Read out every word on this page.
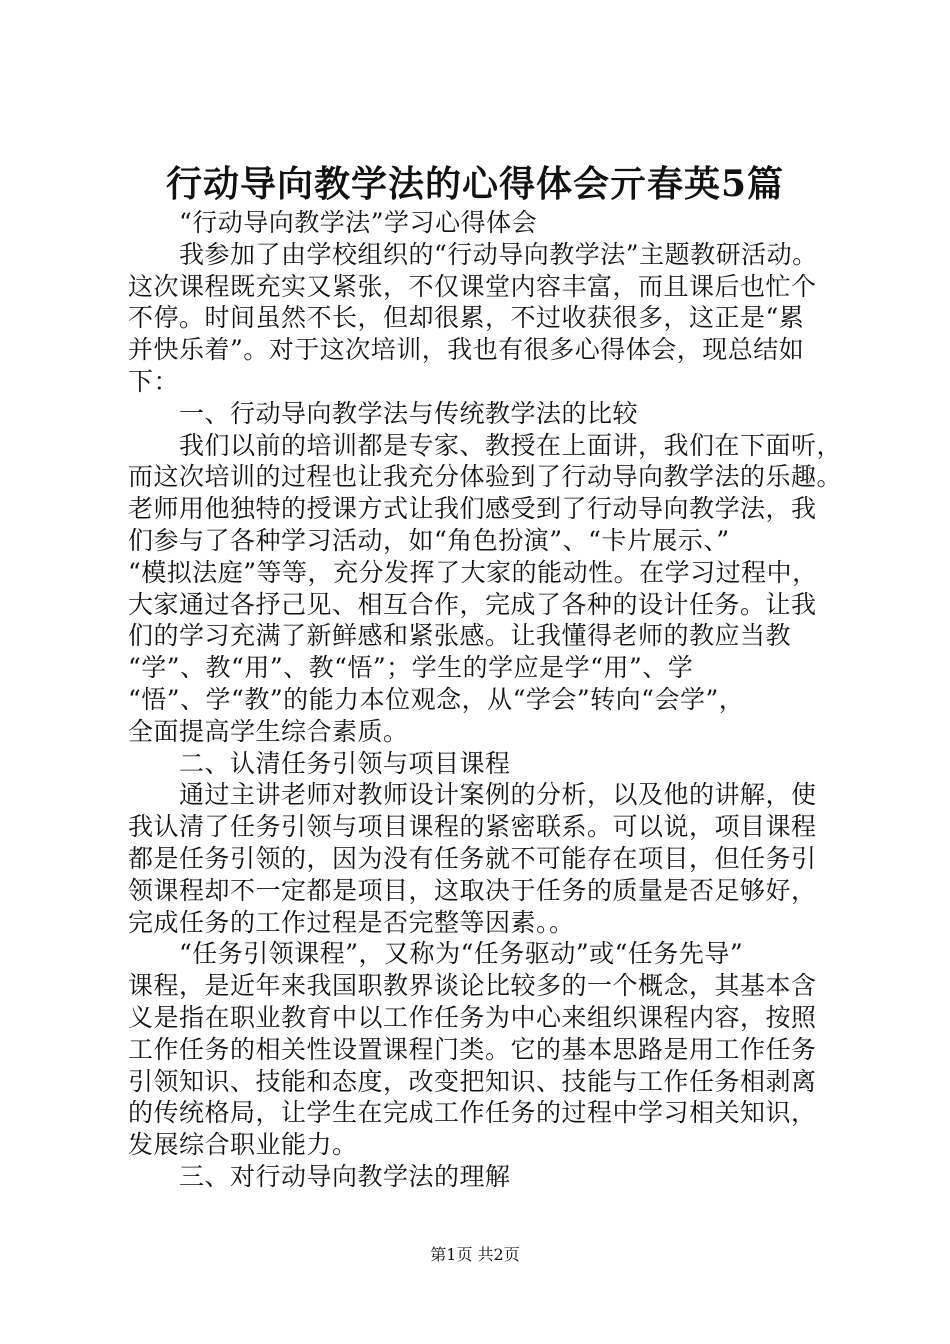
行动导向教学法的心得体会亓春英5篇
　　“行动导向教学法”学习心得体会
　　我参加了由学校组织的“行动导向教学法”主题教研活动。
这次课程既充实又紧张，不仅课堂内容丰富，而且课后也忙个
不停。时间虽然不长，但却很累，不过收获很多，这正是“累
并快乐着”。对于这次培训，我也有很多心得体会，现总结如
下：
　　一、行动导向教学法与传统教学法的比较
　　我们以前的培训都是专家、教授在上面讲，我们在下面听，
而这次培训的过程也让我充分体验到了行动导向教学法的乐趣。
老师用他独特的授课方式让我们感受到了行动导向教学法，我
们参与了各种学习活动，如“角色扮演”、“卡片展示、”
“模拟法庭”等等，充分发挥了大家的能动性。在学习过程中，
大家通过各抒己见、相互合作，完成了各种的设计任务。让我
们的学习充满了新鲜感和紧张感。让我懂得老师的教应当教
“学”、教“用”、教“悟”；学生的学应是学“用”、学
“悟”、学“教”的能力本位观念，从“学会”转向“会学”，
全面提高学生综合素质。
　　二、认清任务引领与项目课程
　　通过主讲老师对教师设计案例的分析，以及他的讲解，使
我认清了任务引领与项目课程的紧密联系。可以说，项目课程
都是任务引领的，因为没有任务就不可能存在项目，但任务引
领课程却不一定都是项目，这取决于任务的质量是否足够好，
完成任务的工作过程是否完整等因素。。
　　“任务引领课程”，又称为“任务驱动”或“任务先导”
课程，是近年来我国职教界谈论比较多的一个概念，其基本含
义是指在职业教育中以工作任务为中心来组织课程内容，按照
工作任务的相关性设置课程门类。它的基本思路是用工作任务
引领知识、技能和态度，改变把知识、技能与工作任务相剥离
的传统格局，让学生在完成工作任务的过程中学习相关知识，
发展综合职业能力。
　　三、对行动导向教学法的理解
第1页 共2页
